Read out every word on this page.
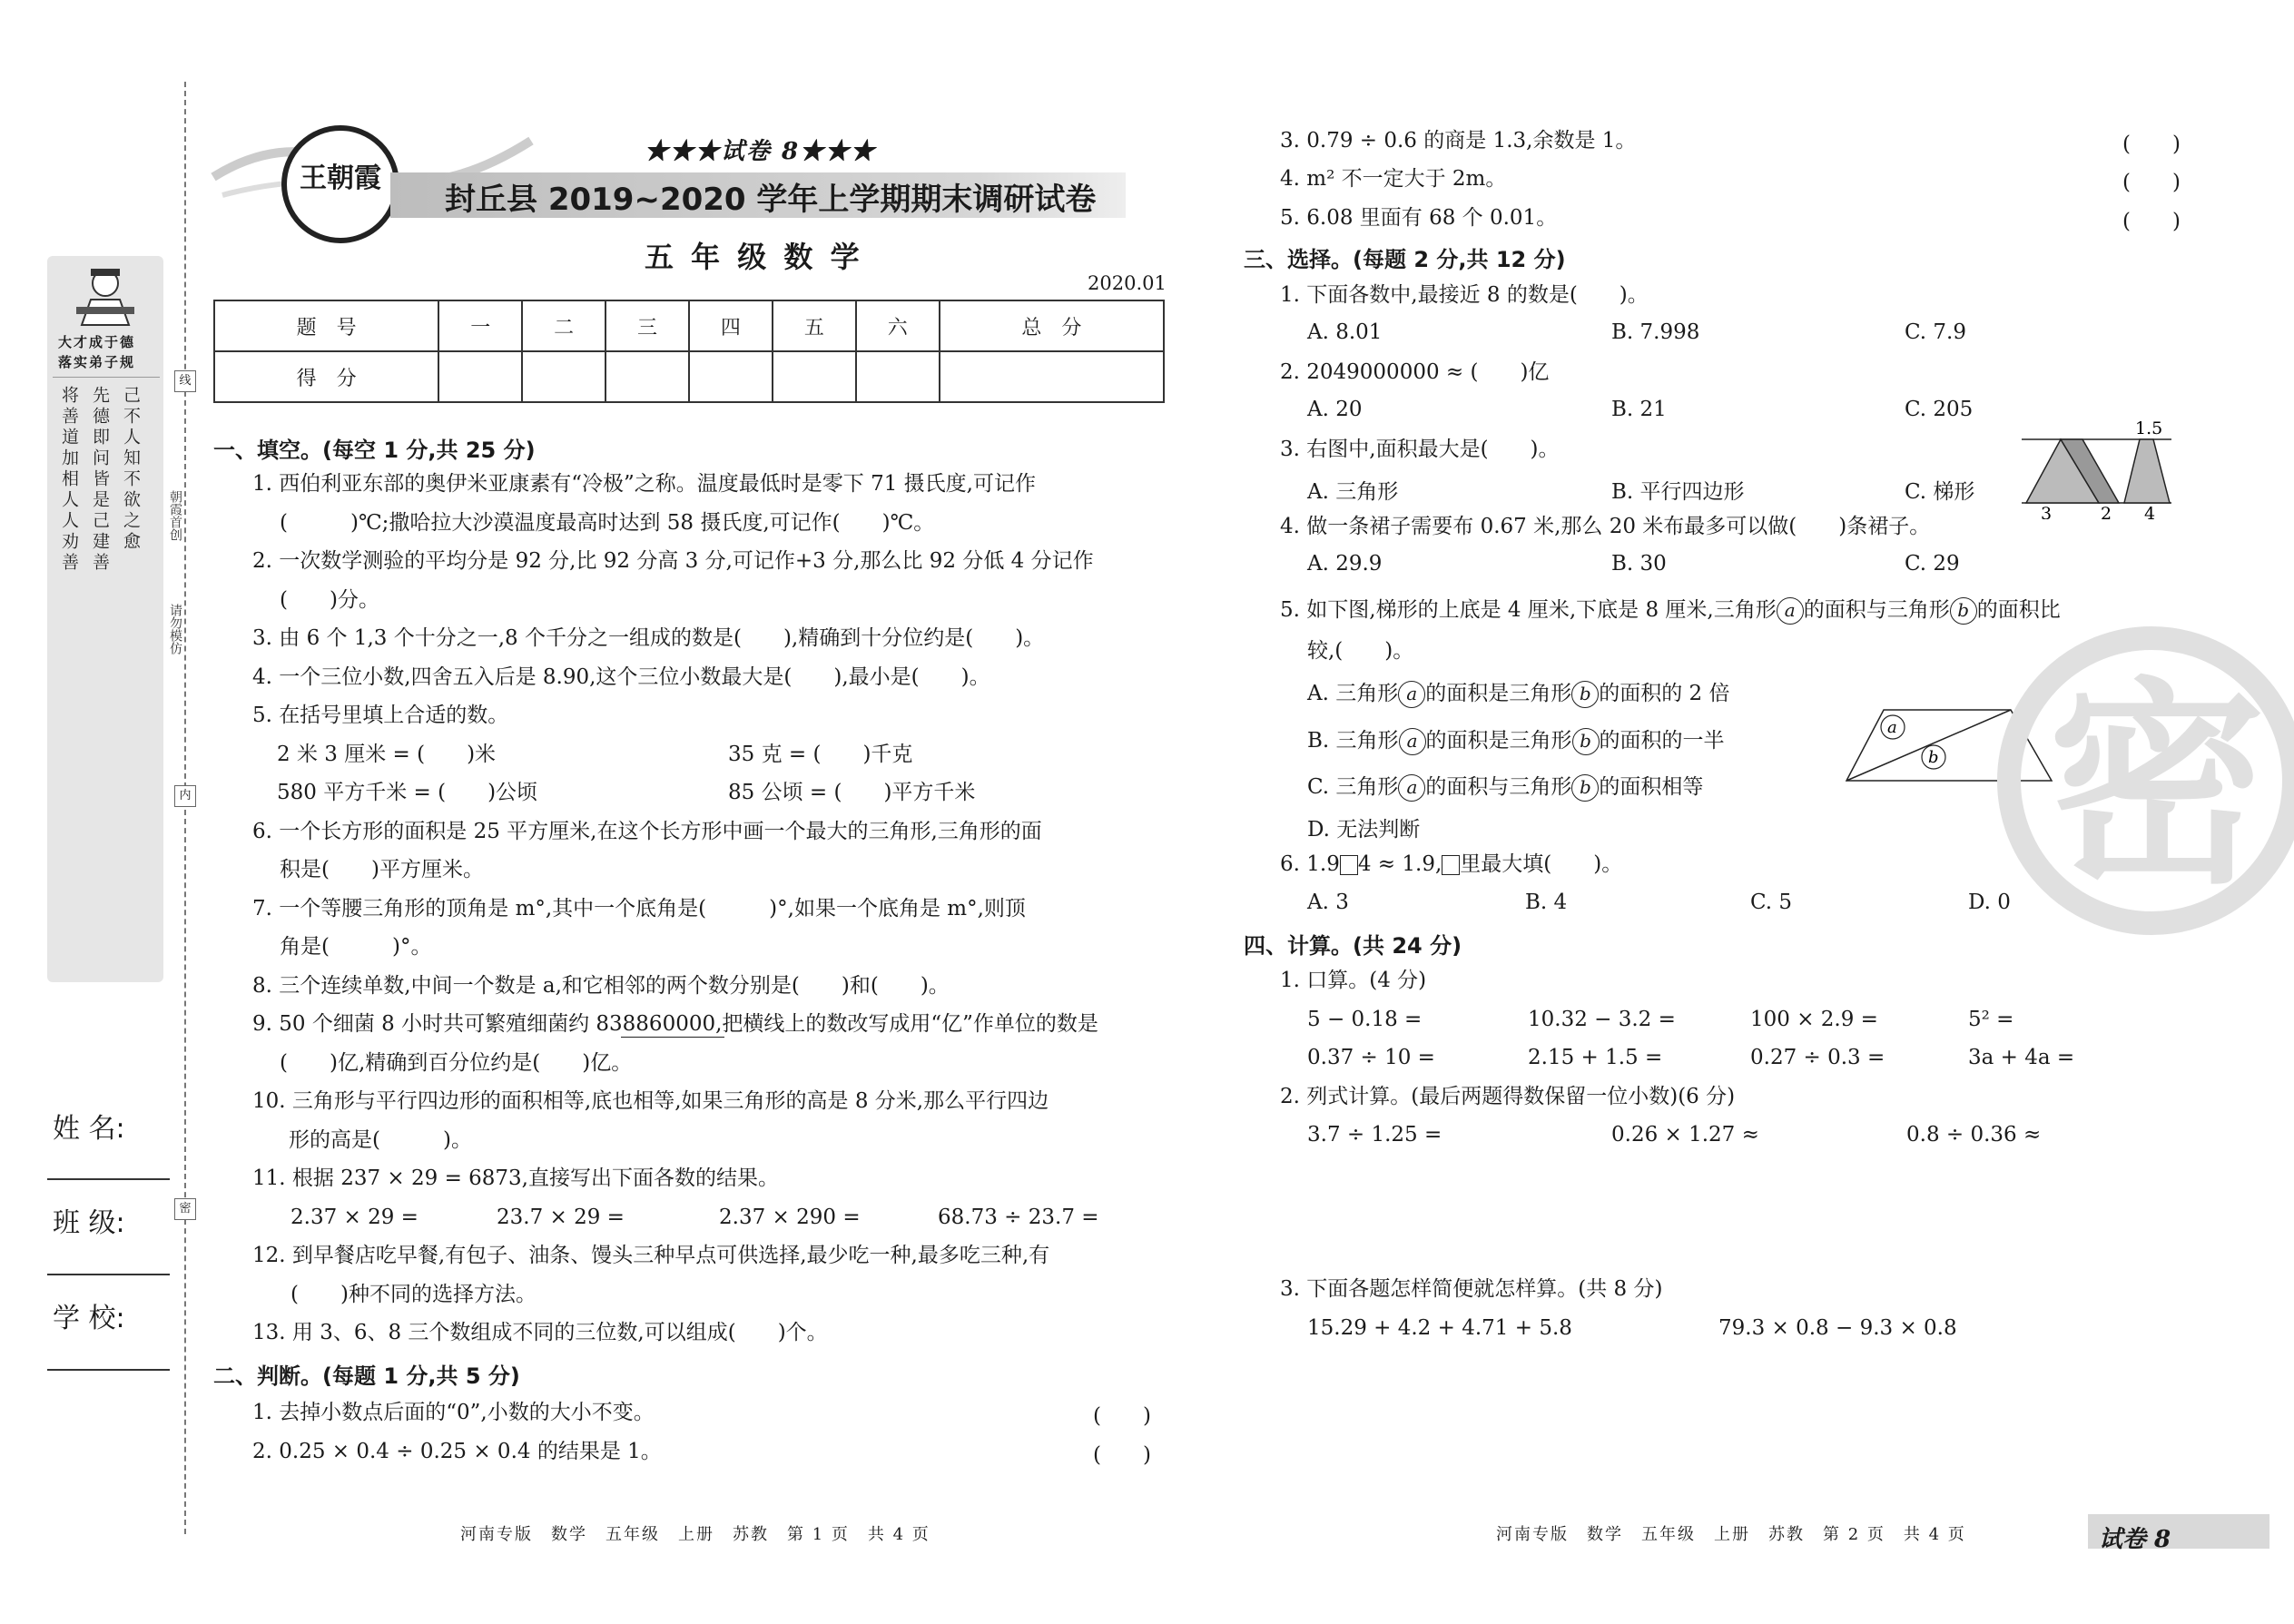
线
内
密
朝霞首创
请勿模仿
大才成于德
落实弟子规
将善道加相人人劝善 先德即问皆是己建善 己不人知不欲之愈
姓 名:
班 级:
学 校:
王朝霞
★★★试卷 8★★★
封丘县 2019~2020 学年上学期期末调研试卷
五 年 级 数 学
2020.01
题　号	一	二	三	四	五	六	总　分
得　分							
一、填空。(每空 1 分,共 25 分)
1. 西伯利亚东部的奥伊米亚康素有“冷极”之称。温度最低时是零下 71 摄氏度,可记作
(　　　)℃;撒哈拉大沙漠温度最高时达到 58 摄氏度,可记作(　　)℃。
2. 一次数学测验的平均分是 92 分,比 92 分高 3 分,可记作+3 分,那么比 92 分低 4 分记作
(　　)分。
3. 由 6 个 1,3 个十分之一,8 个千分之一组成的数是(　　),精确到十分位约是(　　)。
4. 一个三位小数,四舍五入后是 8.90,这个三位小数最大是(　　),最小是(　　)。
5. 在括号里填上合适的数。
2 米 3 厘米 = (　　)米	35 克 = (　　)千克
580 平方千米 = (　　)公顷	85 公顷 = (　　)平方千米
6. 一个长方形的面积是 25 平方厘米,在这个长方形中画一个最大的三角形,三角形的面
积是(　　)平方厘米。
7. 一个等腰三角形的顶角是 m°,其中一个底角是(　　　)°,如果一个底角是 m°,则顶
角是(　　　)°。
8. 三个连续单数,中间一个数是 a,和它相邻的两个数分别是(　　)和(　　)。
9. 50 个细菌 8 小时共可繁殖细菌约 838860000,把横线上的数改写成用“亿”作单位的数是
(　　)亿,精确到百分位约是(　　)亿。
10. 三角形与平行四边形的面积相等,底也相等,如果三角形的高是 8 分米,那么平行四边
形的高是(　　　)。
11. 根据 237 × 29 = 6873,直接写出下面各数的结果。
2.37 × 29 =	23.7 × 29 =	2.37 × 290 =	68.73 ÷ 23.7 =
12. 到早餐店吃早餐,有包子、油条、馒头三种早点可供选择,最少吃一种,最多吃三种,有
(　　)种不同的选择方法。
13. 用 3、6、8 三个数组成不同的三位数,可以组成(　　)个。
二、判断。(每题 1 分,共 5 分)
1. 去掉小数点后面的“0”,小数的大小不变。	(　　)
2. 0.25 × 0.4 ÷ 0.25 × 0.4 的结果是 1。	(　　)
3. 0.79 ÷ 0.6 的商是 1.3,余数是 1。	(　　)
4. m² 不一定大于 2m。	(　　)
5. 6.08 里面有 68 个 0.01。	(　　)
三、选择。(每题 2 分,共 12 分)
1. 下面各数中,最接近 8 的数是(　　)。
A. 8.01	B. 7.998	C. 7.9
2. 2049000000 ≈ (　　)亿
A. 20	B. 21	C. 205
3. 右图中,面积最大是(　　)。
A. 三角形	B. 平行四边形	C. 梯形
1.5
3	2 4
4. 做一条裙子需要布 0.67 米,那么 20 米布最多可以做(　　)条裙子。
A. 29.9	B. 30	C. 29
5. 如下图,梯形的上底是 4 厘米,下底是 8 厘米,三角形 a 的面积与三角形 b 的面积比
较,(　　)。
A. 三角形 a 的面积是三角形 b 的面积的 2 倍
B. 三角形 a 的面积是三角形 b 的面积的一半
C. 三角形 a 的面积与三角形 b 的面积相等
D. 无法判断
a
b
6. 1.9 4 ≈ 1.9, 里最大填(　　)。
A. 3	B. 4	C. 5	D. 0
四、计算。(共 24 分)
1. 口算。(4 分)
5 − 0.18 =	10.32 − 3.2 =	100 × 2.9 =	5² =
0.37 ÷ 10 =	2.15 + 1.5 =	0.27 ÷ 0.3 =	3a + 4a =
2. 列式计算。(最后两题得数保留一位小数)(6 分)
3.7 ÷ 1.25 =	0.26 × 1.27 ≈	0.8 ÷ 0.36 ≈
3. 下面各题怎样简便就怎样算。(共 8 分)
15.29 + 4.2 + 4.71 + 5.8	79.3 × 0.8 − 9.3 × 0.8
密
河南专版　数学　五年级　上册　苏教　第 1 页　共 4 页	河南专版　数学　五年级　上册　苏教　第 2 页　共 4 页	试卷 8
